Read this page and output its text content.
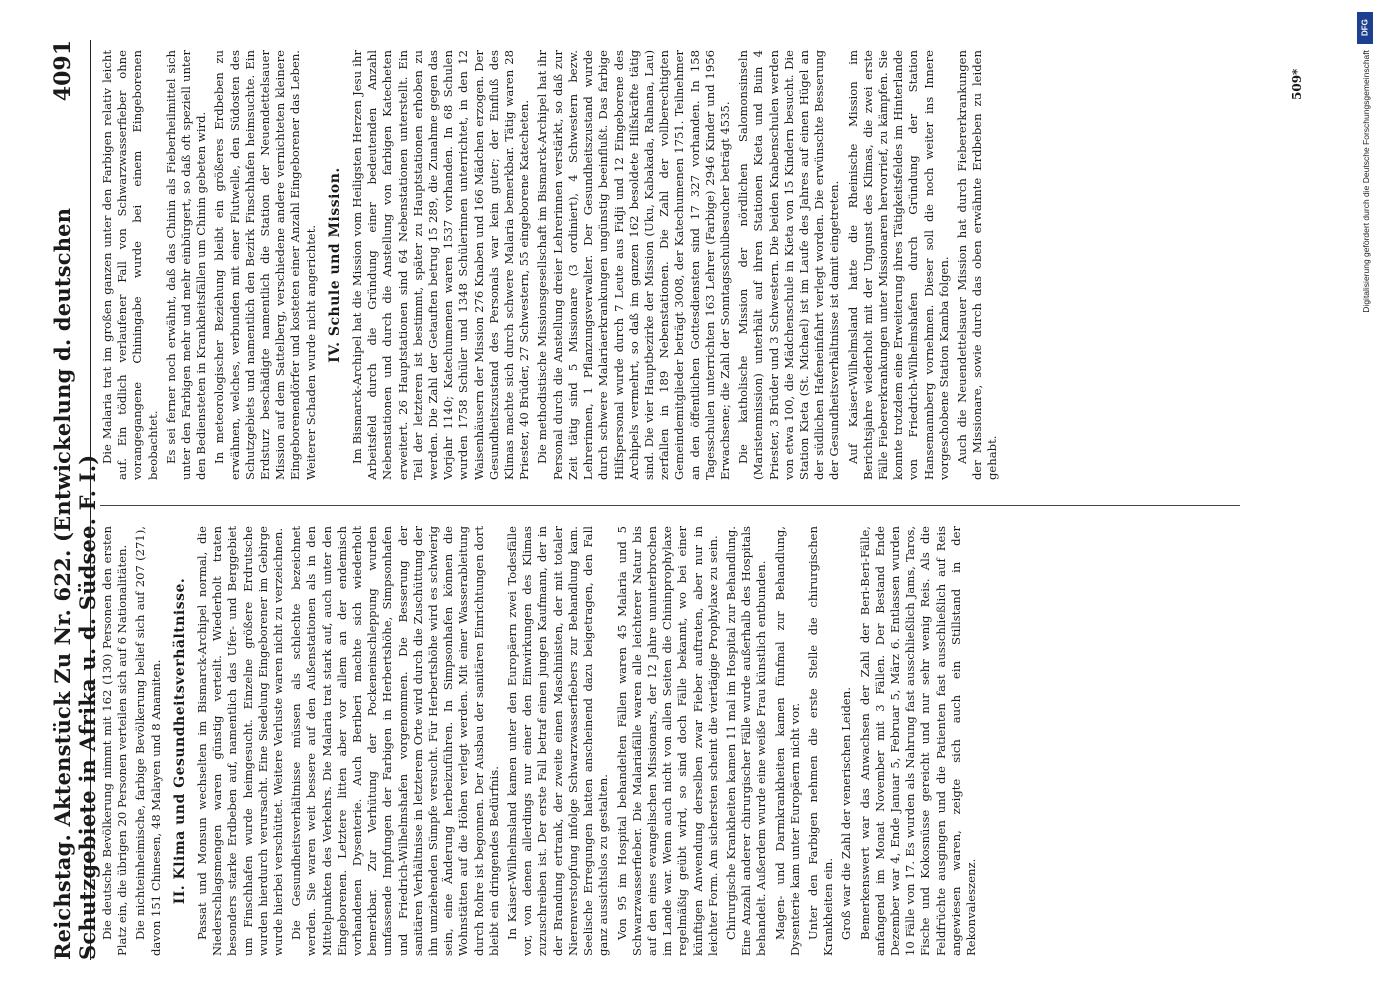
Reichstag. Aktenstück Zu Nr. 622. (Entwickelung d. deutschen Schutzgebiete in Afrika u. d. Südsee. F. I.)
4091

Die deutsche Bevölkerung nimmt mit 162 (130) Personen den ersten Platz ein, die übrigen 20 Personen verteilen sich auf 6 Nationalitäten. Die nichteinheimische, farbige Bevölkerung belief sich auf 207 (271), davon 151 Chinesen, 48 Malayen und 8 Anamiten. II. Klima und Gesundheitsverhältnisse. Passat und Monsun wechselten im Bismarck-Archipel normal, die Niederschlagsmengen waren günstig verteilt. Wiederholt traten besonders starke Erdbeben auf, namentlich das Ufer- und Berggebiet um Finschhafen wurde heimgesucht. Einzelne größere Erdrutsche wurden hierdurch verursacht. Eine Siedelung Eingeborener im Gebirge wurde hierbei verschüttet. Weitere Verluste waren nicht zu verzeichnen. Die Gesundheitsverhältnisse müssen als schlechte bezeichnet werden. Sie waren weit bessere auf den Außenstationen als in den Mittelpunkten des Verkehrs. Die Malaria trat stark auf, auch unter den Eingeborenen. Letztere litten aber vor allem an der endemisch vorhandenen Dysenterie. Auch Beriberi machte sich wiederholt bemerkbar. Zur Verhütung der Pockeneinschleppung wurden umfassende Impfungen der Farbigen in Herbertshöhe, Simpsonhafen und Friedrich-Wilhelmshafen vorgenommen. Die Besserung der sanitären Verhältnisse in letzterem Orte wird durch die Zuschüttung der ihn umziehenden Sümpfe versucht. Für Herbertshöhe wird es schwierig sein, eine Änderung herbeizuführen. In Simpsonhafen können die Wohnstätten auf die Höhen verlegt werden. Mit einer Wasserableitung durch Rohre ist begonnen. Der Ausbau der sanitären Einrichtungen dort bleibt ein dringendes Bedürfnis. In Kaiser-Wilhelmsland kamen unter den Europäern zwei Todesfälle vor, von denen allerdings nur einer den Einwirkungen des Klimas zuzuschreiben ist. Der erste Fall betraf einen jungen Kaufmann, der in der Brandung ertrank, der zweite einen Maschinisten, der mit totaler Nierenverstopfung infolge Schwarzwasserfiebers zur Behandlung kam. Seelische Erregungen hatten anscheinend dazu beigetragen, den Fall ganz aussichtslos zu gestalten. Von 95 im Hospital behandelten Fällen waren 45 Malaria und 5 Schwarzwasserfieber. Die Malariafälle waren alle leichterer Natur bis auf den eines evangelischen Missionars, der 12 Jahre ununterbrochen im Lande war. Wenn auch nicht von allen Seiten die Chininprophylaxe regelmäßig geübt wird, so sind doch Fälle bekannt, wo bei einer künftigen Anwendung derselben zwar Fieber auftraten, aber nur in leichter Form. Am sichersten scheint die viertägige Prophylaxe zu sein. Chirurgische Krankheiten kamen 11 mal im Hospital zur Behandlung. Eine Anzahl anderer chirurgischer Fälle wurde außerhalb des Hospitals behandelt. Außerdem wurde eine weiße Frau künstlich entbunden. Magen- und Darmkrankheiten kamen fünfmal zur Behandlung, Dysenterie kam unter Europäern nicht vor. Unter den Farbigen nehmen die erste Stelle die chirurgischen Krankheiten ein. Groß war die Zahl der venerischen Leiden. Bemerkenswert war das Anwachsen der Zahl der Beri-Beri-Fälle, anfangend im Monat November mit 3 Fällen. Der Bestand Ende Dezember war 4, Ende Januar 5, Februar 5, März 6. Entlassen wurden 10 Fälle von 17. Es wurden als Nahrung fast ausschließlich Jams, Taros, Fische und Kokosnüsse gereicht und nur sehr wenig Reis. Als die Feldfrüchte ausgingen und die Patienten fast ausschließlich auf Reis angewiesen waren, zeigte sich auch ein Stillstand in der Rekonvaleszenz.

Die Malaria trat im großen ganzen unter den Farbigen relativ leicht auf. Ein tödlich verlaufener Fall von Schwarzwasserfieber ohne vorangegangene Chiningabe wurde bei einem Eingeborenen beobachtet. Es sei ferner noch erwähnt, daß das Chinin als Fieberheilmittel sich unter den Farbigen mehr und mehr einbürgert, so daß oft speziell unter den Bediensteten in Krankheitsfällen um Chinin gebeten wird. In meteorologischer Beziehung bleibt ein größeres Erdbeben zu erwähnen, welches, verbunden mit einer Flutwelle, den Südosten des Schutzgebiets und namentlich den Bezirk Finschhafen heimsuchte. Ein Erdsturz beschädigte namentlich die Station der Neuendettelsauer Mission auf dem Sattelberg, verschiedene andere vernichteten kleinere Eingeborenendörfer und kosteten einer Anzahl Eingeborener das Leben. Weiterer Schaden wurde nicht angerichtet. IV. Schule und Mission. Im Bismarck-Archipel hat die Mission vom Heiligsten Herzen Jesu ihr Arbeitsfeld durch die Gründung einer bedeutenden Anzahl Nebenstationen und durch die Anstellung von farbigen Katecheten erweitert. 26 Hauptstationen sind 64 Nebenstationen unterstellt. Ein Teil der letzteren ist bestimmt, später zu Hauptstationen erhoben zu werden. Die Zahl der Getauften betrug 15 289, die Zunahme gegen das Vorjahr 1140; Katechumenen waren 1537 vorhanden. In 68 Schulen wurden 1758 Schüler und 1348 Schülerinnen unterrichtet, in den 12 Waisenhäusern der Mission 276 Knaben und 166 Mädchen erzogen. Der Gesundheitszustand des Personals war kein guter; der Einfluß des Klimas machte sich durch schwere Malaria bemerkbar. Tätig waren 28 Priester, 40 Brüder, 27 Schwestern, 55 eingeborene Katecheten. Die methodistische Missionsgesellschaft im Bismarck-Archipel hat ihr Personal durch die Anstellung dreier Lehrerinnen verstärkt, so daß zur Zeit tätig sind 5 Missionare (3 ordiniert), 4 Schwestern bezw. Lehrerinnen, 1 Pflanzungsverwalter. Der Gesundheitszustand wurde durch schwere Malariaerkrankungen ungünstig beeinflußt. Das farbige Hilfspersonal wurde durch 7 Leute aus Fidji und 12 Eingeborene des Archipels vermehrt, so daß im ganzen 162 besoldete Hilfskräfte tätig sind. Die vier Hauptbezirke der Mission (Uku, Kabakada, Ralnana, Lau) zerfallen in 189 Nebenstationen. Die Zahl der vollberechtigten Gemeindemitglieder beträgt 3008, der Katechumenen 1751. Teilnehmer an den öffentlichen Gottesdiensten sind 17 327 vorhanden. In 158 Tagesschulen unterrichten 163 Lehrer (Farbige) 2946 Kinder und 1956 Erwachsene; die Zahl der Sonntagsschulbesucher beträgt 4535. Die katholische Mission der nördlichen Salomonsinseln (Maristenmission) unterhält auf ihren Stationen Kieta und Buin 4 Priester, 3 Brüder und 3 Schwestern. Die beiden Knabenschulen werden von etwa 100, die Mädchenschule in Kieta von 15 Kindern besucht. Die Station Kieta (St. Michael) ist im Laufe des Jahres auf einen Hügel an der südlichen Hafeneinfahrt verlegt worden. Die erwünschte Besserung der Gesundheitsverhältnisse ist damit eingetreten. Auf Kaiser-Wilhelmsland hatte die Rheinische Mission im Berichtsjahre wiederholt mit der Ungunst des Klimas, die zwei erste Fälle Fiebererkrankungen unter Missionaren hervorrief, zu kämpfen. Sie konnte trotzdem eine Erweiterung ihres Tätigkeitsfeldes im Hinterlande von Friedrich-Wilhelmshafen durch Gründung der Station Hansemannberg vornehmen. Dieser soll die noch weiter ins Innere vorgeschobene Station Kamba folgen. Auch die Neuendettelsauer Mission hat durch Fiebererkrankungen der Missionare, sowie durch das oben erwähnte Erdbeben zu leiden gehabt.

509*
DFG
Digitalisierung gefördert durch die Deutsche Forschungsgemeinschaft
